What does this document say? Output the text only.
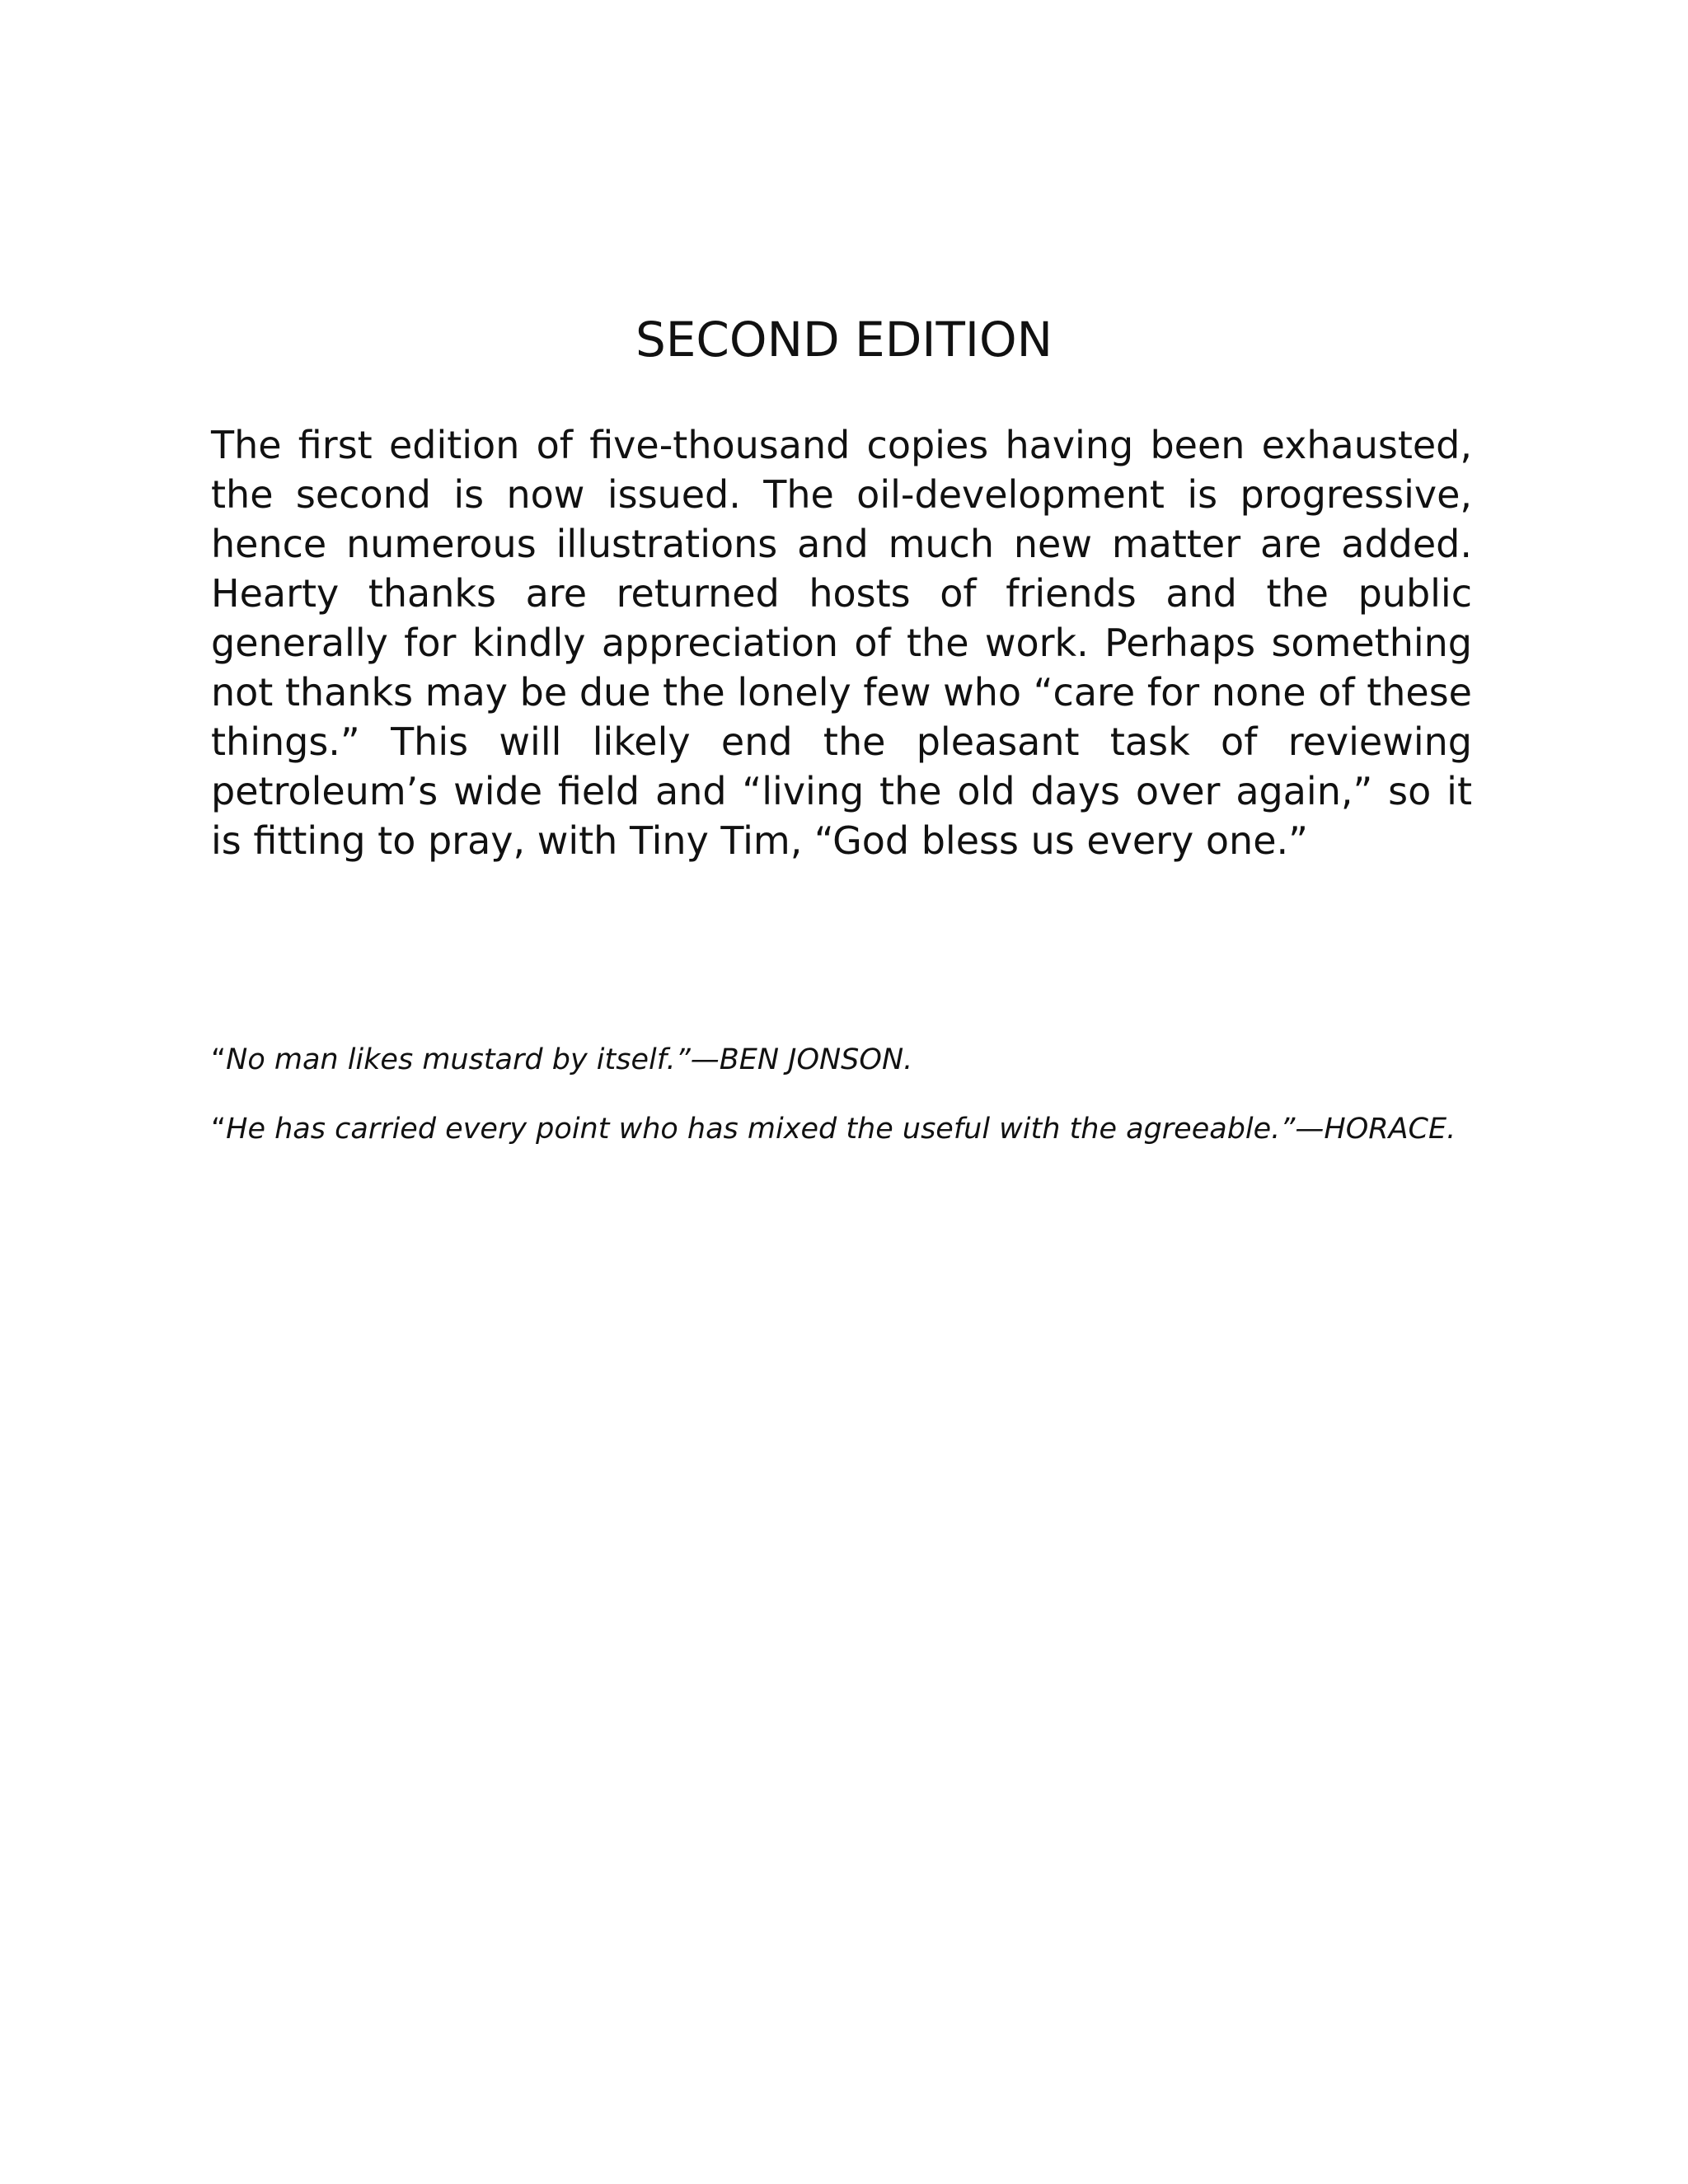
SECOND EDITION

The first edition of five-thousand copies having been exhausted, the second is now issued. The oil-development is progressive, hence numerous illustrations and much new matter are added. Hearty thanks are returned hosts of friends and the public generally for kindly appreciation of the work. Perhaps something not thanks may be due the lonely few who “care for none of these things.” This will likely end the pleasant task of reviewing petroleum’s wide field and “living the old days over again,” so it is fitting to pray, with Tiny Tim, “God bless us every one.”

“No man likes mustard by itself.”—BEN JONSON.

“He has carried every point who has mixed the useful with the agreeable.”—HORACE.
